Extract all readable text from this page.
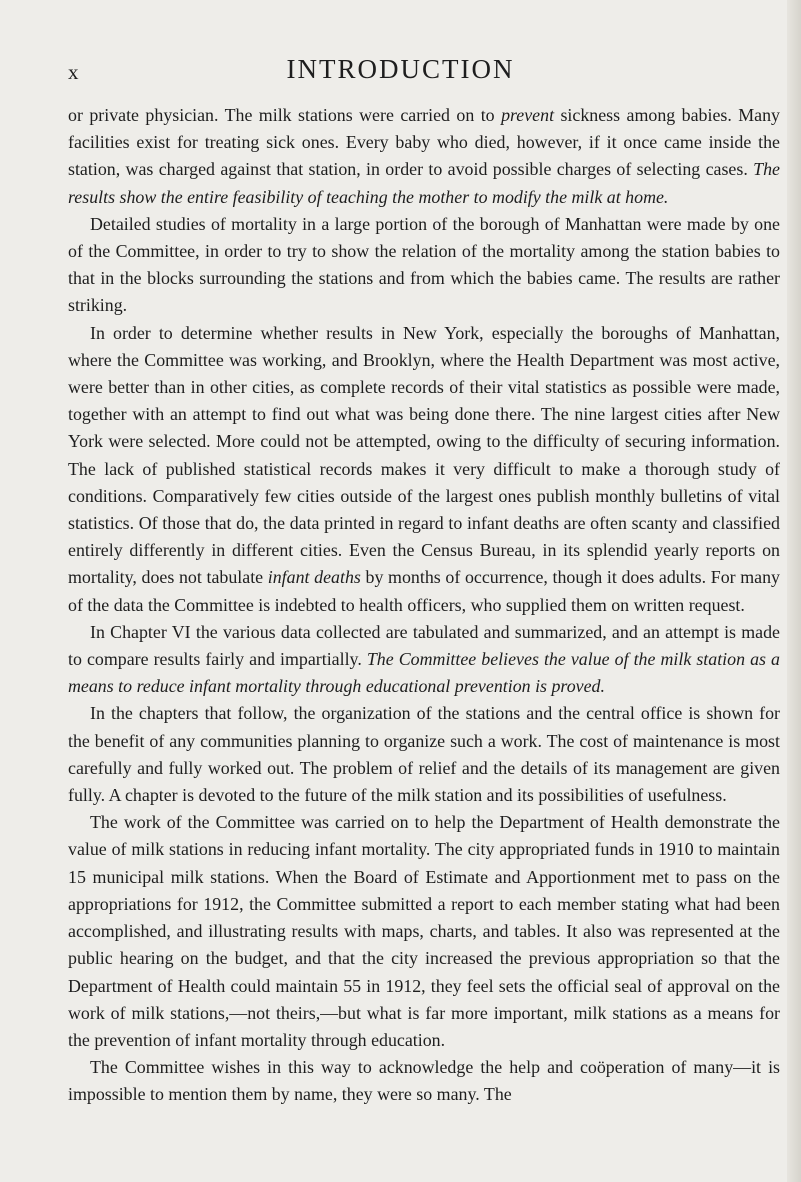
x	INTRODUCTION

or private physician. The milk stations were carried on to prevent sickness among babies. Many facilities exist for treating sick ones. Every baby who died, however, if it once came inside the station, was charged against that station, in order to avoid possible charges of selecting cases. The results show the entire feasibility of teaching the mother to modify the milk at home.

Detailed studies of mortality in a large portion of the borough of Manhattan were made by one of the Committee, in order to try to show the relation of the mortality among the station babies to that in the blocks surrounding the stations and from which the babies came. The results are rather striking.

In order to determine whether results in New York, especially the boroughs of Manhattan, where the Committee was working, and Brooklyn, where the Health Department was most active, were better than in other cities, as complete records of their vital statistics as possible were made, together with an attempt to find out what was being done there. The nine largest cities after New York were selected. More could not be attempted, owing to the difficulty of securing information. The lack of published statistical records makes it very difficult to make a thorough study of conditions. Comparatively few cities outside of the largest ones publish monthly bulletins of vital statistics. Of those that do, the data printed in regard to infant deaths are often scanty and classified entirely differently in different cities. Even the Census Bureau, in its splendid yearly reports on mortality, does not tabulate infant deaths by months of occurrence, though it does adults. For many of the data the Committee is indebted to health officers, who supplied them on written request.

In Chapter VI the various data collected are tabulated and summarized, and an attempt is made to compare results fairly and impartially. The Committee believes the value of the milk station as a means to reduce infant mortality through educational prevention is proved.

In the chapters that follow, the organization of the stations and the central office is shown for the benefit of any communities planning to organize such a work. The cost of maintenance is most carefully and fully worked out. The problem of relief and the details of its management are given fully. A chapter is devoted to the future of the milk station and its possibilities of usefulness.

The work of the Committee was carried on to help the Department of Health demonstrate the value of milk stations in reducing infant mortality. The city appropriated funds in 1910 to maintain 15 municipal milk stations. When the Board of Estimate and Apportionment met to pass on the appropriations for 1912, the Committee submitted a report to each member stating what had been accomplished, and illustrating results with maps, charts, and tables. It also was represented at the public hearing on the budget, and that the city increased the previous appropriation so that the Department of Health could maintain 55 in 1912, they feel sets the official seal of approval on the work of milk stations,—not theirs,—but what is far more important, milk stations as a means for the prevention of infant mortality through education.

The Committee wishes in this way to acknowledge the help and coöperation of many—it is impossible to mention them by name, they were so many. The
